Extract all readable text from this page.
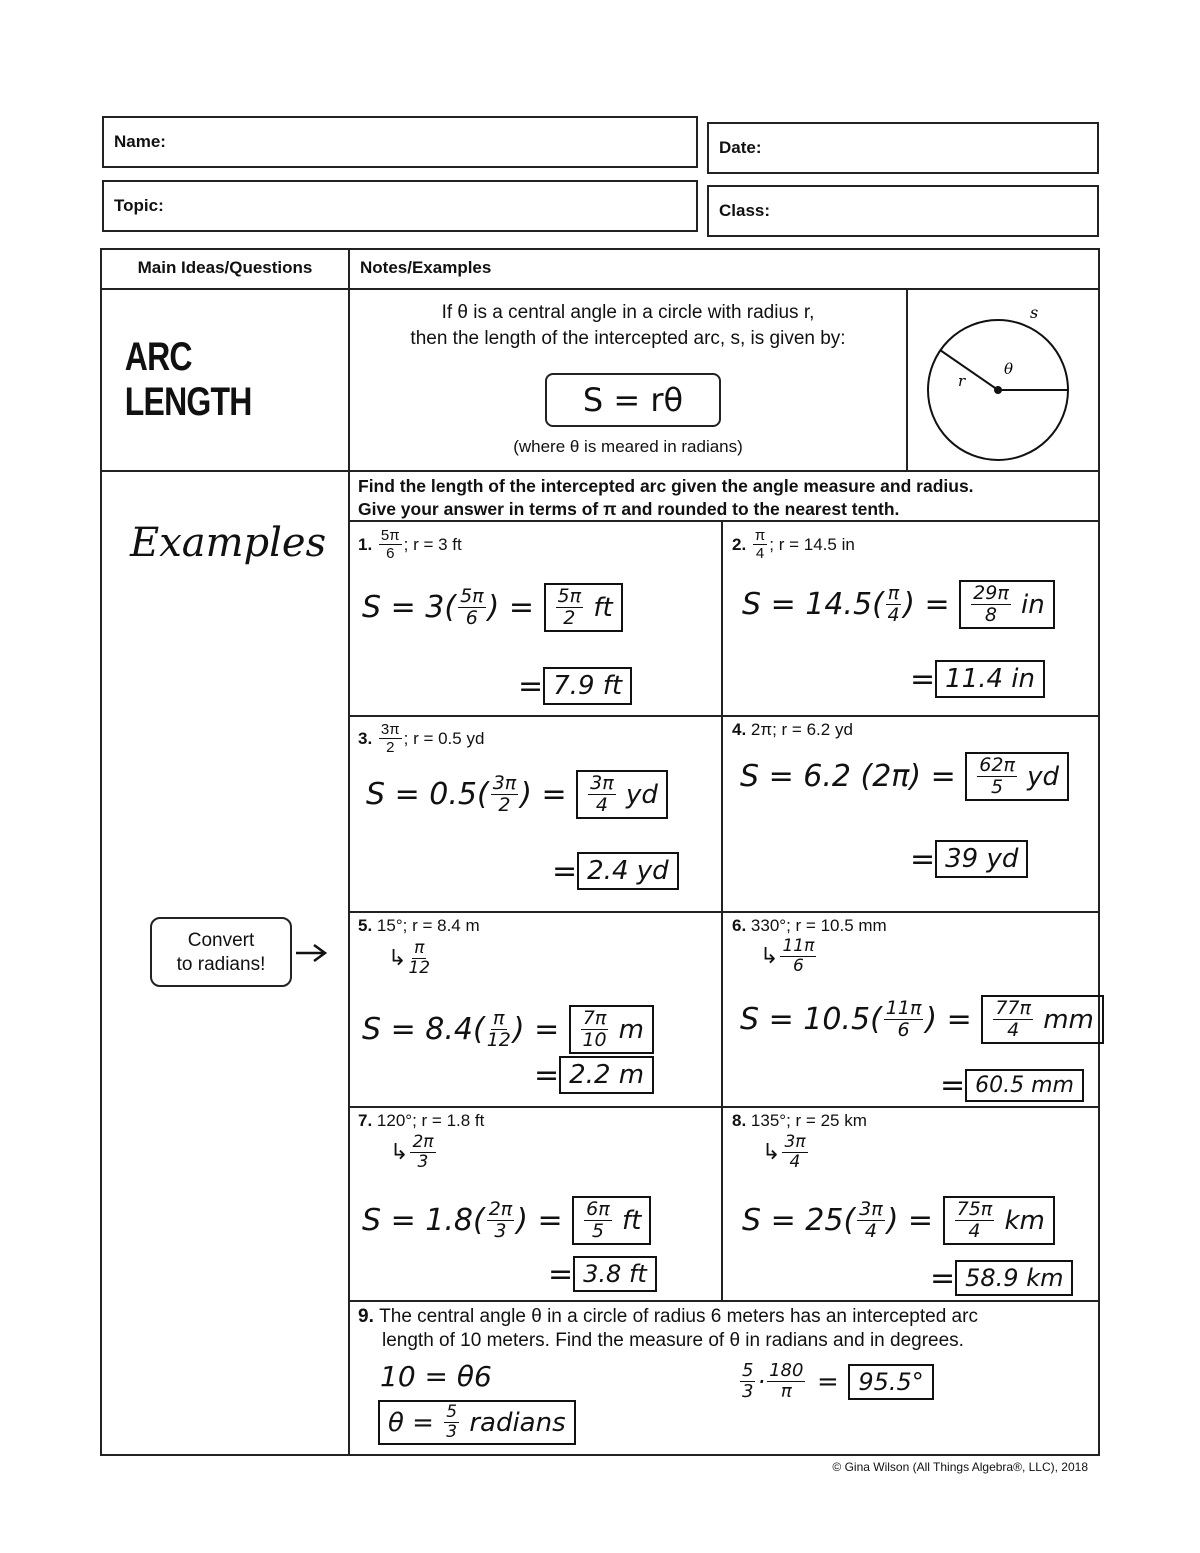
Name:	Date:
Topic:	Class:
Main Ideas/Questions	Notes/Examples
ARC LENGTH
If θ is a central angle in a circle with radius r,
then the length of the intercepted arc, s, is given by:
S = rθ
(where θ is meared in radians)
s
r
θ
Examples
Convert
to radians!
Find the length of the intercepted arc given the angle measure and radius.
Give your answer in terms of π and rounded to the nearest tenth.
1.
$\frac{5\pi}{6}$ ; r = 3 ft
S = 3 ( $\frac{5\pi}{6}$ ) = $\frac{5\pi}{2}$
ft
= 7.9 ft
2.
$\frac{\pi}{4}$ ; r = 14.5 in
S = 14.5 ( $\frac{\pi}{4}$ ) = $\frac{29\pi}{8}$
in
= 11.4 in
3.
$\frac{3\pi}{2}$ ; r = 0.5 yd
S = 0.5 ( $\frac{3\pi}{2}$ ) = $\frac{3\pi}{4}$
yd
= 2.4 yd
4. 2π; r = 6.2 yd
S = 6.2 $(2\pi) = \frac{62\pi}{5}$
yd
= 39 yd
5. 15°; r = 8.4 m
↳ $\frac{\pi}{12}$
S = 8.4 ( $\frac{\pi}{12}$ ) = $\frac{7\pi}{10}$
m
= 2.2 m
6. 330°; r = 10.5 mm
↳ $\frac{11\pi}{6}$
S = 10.5 ( $\frac{11\pi}{6}$ ) = $\frac{77\pi}{4}$
mm
= 60.5 mm
7. 120°; r = 1.8 ft
↳ $\frac{2\pi}{3}$
S = 1.8 ( $\frac{2\pi}{3}$ ) = $\frac{6\pi}{5}$
ft
= 3.8 ft
8. 135°; r = 25 km
↳ $\frac{3\pi}{4}$
S = 25 ( $\frac{3\pi}{4}$ ) = $\frac{75\pi}{4}$
km
= 58.9 km
9. The central angle θ in a circle of radius 6 meters has an intercepted arc
length of 10 meters. Find the measure of θ in radians and in degrees.
10 = θ6
θ =
$\frac{5}{3}$
radians
$\frac{5}{3} \cdot \frac{180}{\pi}$
=
95.5°
© Gina Wilson (All Things Algebra®, LLC), 2018
